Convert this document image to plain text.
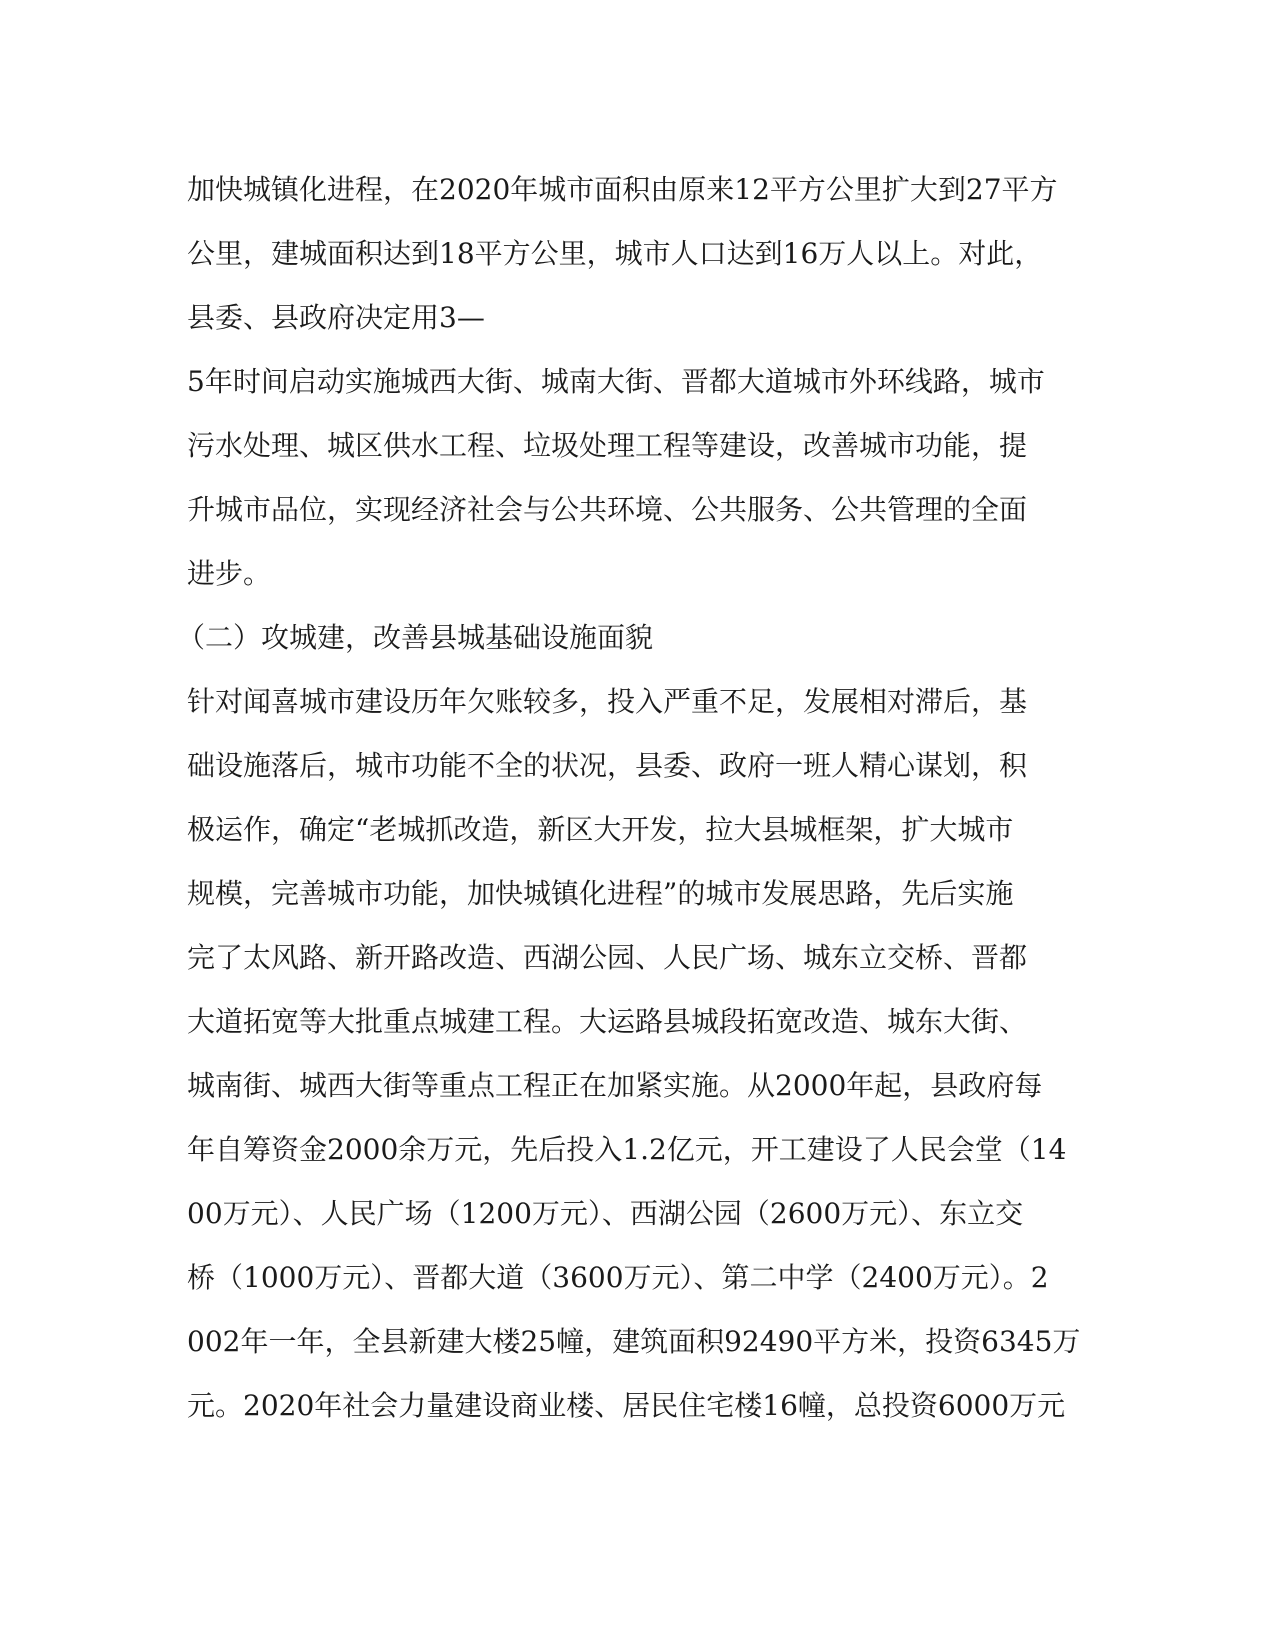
加快城镇化进程，在2020年城市面积由原来12平方公里扩大到27平方
公里，建城面积达到18平方公里，城市人口达到16万人以上。对此，
县委、县政府决定用3—
5年时间启动实施城西大街、城南大街、晋都大道城市外环线路，城市
污水处理、城区供水工程、垃圾处理工程等建设，改善城市功能，提
升城市品位，实现经济社会与公共环境、公共服务、公共管理的全面
进步。
（二）攻城建，改善县城基础设施面貌
针对闻喜城市建设历年欠账较多，投入严重不足，发展相对滞后，基
础设施落后，城市功能不全的状况，县委、政府一班人精心谋划，积
极运作，确定“老城抓改造，新区大开发，拉大县城框架，扩大城市
规模，完善城市功能，加快城镇化进程”的城市发展思路，先后实施
完了太风路、新开路改造、西湖公园、人民广场、城东立交桥、晋都
大道拓宽等大批重点城建工程。大运路县城段拓宽改造、城东大街、
城南街、城西大街等重点工程正在加紧实施。从2000年起，县政府每
年自筹资金2000余万元，先后投入1.2亿元，开工建设了人民会堂（14
00万元）、人民广场（1200万元）、西湖公园（2600万元）、东立交
桥（1000万元）、晋都大道（3600万元）、第二中学（2400万元）。2
002年一年，全县新建大楼25幢，建筑面积92490平方米，投资6345万
元。2020年社会力量建设商业楼、居民住宅楼16幢，总投资6000万元
